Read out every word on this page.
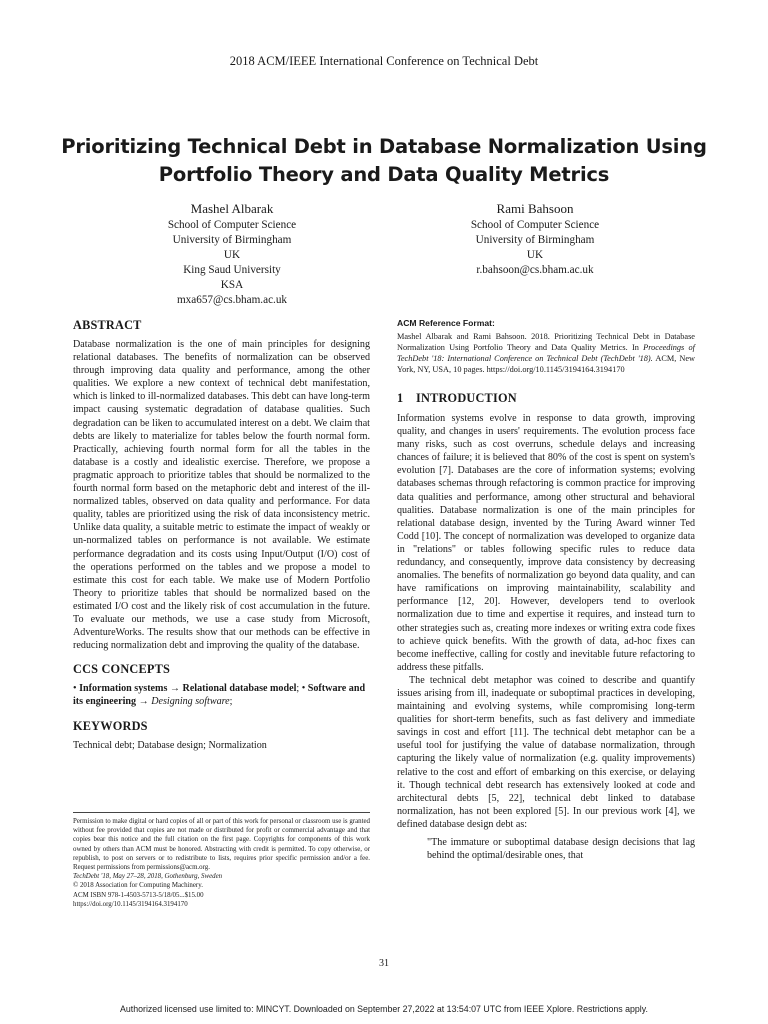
2018 ACM/IEEE International Conference on Technical Debt
Prioritizing Technical Debt in Database Normalization Using
Portfolio Theory and Data Quality Metrics
Mashel Albarak
School of Computer Science
University of Birmingham
UK
King Saud University
KSA
mxa657@cs.bham.ac.uk
Rami Bahsoon
School of Computer Science
University of Birmingham
UK
r.bahsoon@cs.bham.ac.uk
ABSTRACT

Database normalization is the one of main principles for designing relational databases. The benefits of normalization can be observed through improving data quality and performance, among the other qualities. We explore a new context of technical debt manifestation, which is linked to ill-normalized databases. This debt can have long-term impact causing systematic degradation of database qualities. Such degradation can be liken to accumulated interest on a debt. We claim that debts are likely to materialize for tables below the fourth normal form. Practically, achieving fourth normal form for all the tables in the database is a costly and idealistic exercise. Therefore, we propose a pragmatic approach to prioritize tables that should be normalized to the fourth normal form based on the metaphoric debt and interest of the ill-normalized tables, observed on data quality and performance. For data quality, tables are prioritized using the risk of data inconsistency metric. Unlike data quality, a suitable metric to estimate the impact of weakly or un-normalized tables on performance is not available. We estimate performance degradation and its costs using Input/Output (I/O) cost of the operations performed on the tables and we propose a model to estimate this cost for each table. We make use of Modern Portfolio Theory to prioritize tables that should be normalized based on the estimated I/O cost and the likely risk of cost accumulation in the future. To evaluate our methods, we use a case study from Microsoft, AdventureWorks. The results show that our methods can be effective in reducing normalization debt and improving the quality of the database.

CCS CONCEPTS

• Information systems → Relational database model; • Software and its engineering → Designing software;

KEYWORDS

Technical debt; Database design; Normalization

Permission to make digital or hard copies of all or part of this work for personal or classroom use is granted without fee provided that copies are not made or distributed for profit or commercial advantage and that copies bear this notice and the full citation on the first page. Copyrights for components of this work owned by others than ACM must be honored. Abstracting with credit is permitted. To copy otherwise, or republish, to post on servers or to redistribute to lists, requires prior specific permission and/or a fee. Request permissions from permissions@acm.org.

TechDebt '18, May 27–28, 2018, Gothenburg, Sweden

© 2018 Association for Computing Machinery.

ACM ISBN 978-1-4503-5713-5/18/05...$15.00

https://doi.org/10.1145/3194164.3194170

ACM Reference Format:

Mashel Albarak and Rami Bahsoon. 2018. Prioritizing Technical Debt in Database Normalization Using Portfolio Theory and Data Quality Metrics. In Proceedings of TechDebt '18: International Conference on Technical Debt (TechDebt '18). ACM, New York, NY, USA, 10 pages. https://doi.org/10.1145/3194164.3194170

1 INTRODUCTION

Information systems evolve in response to data growth, improving quality, and changes in users' requirements. The evolution process face many risks, such as cost overruns, schedule delays and increasing chances of failure; it is believed that 80% of the cost is spent on system's evolution [7]. Databases are the core of information systems; evolving databases schemas through refactoring is common practice for improving data qualities and performance, among other structural and behavioral qualities. Database normalization is one of the main principles for relational database design, invented by the Turing Award winner Ted Codd [10]. The concept of normalization was developed to organize data in "relations" or tables following specific rules to reduce data redundancy, and consequently, improve data consistency by decreasing anomalies. The benefits of normalization go beyond data quality, and can have ramifications on improving maintainability, scalability and performance [12, 20]. However, developers tend to overlook normalization due to time and expertise it requires, and instead turn to other strategies such as, creating more indexes or writing extra code fixes to achieve quick benefits. With the growth of data, ad-hoc fixes can become ineffective, calling for costly and inevitable future refactoring to address these pitfalls.

The technical debt metaphor was coined to describe and quantify issues arising from ill, inadequate or suboptimal practices in developing, maintaining and evolving systems, while compromising long-term qualities for short-term benefits, such as fast delivery and immediate savings in cost and effort [11]. The technical debt metaphor can be a useful tool for justifying the value of database normalization, through capturing the likely value of normalization (e.g. quality improvements) relative to the cost and effort of embarking on this exercise, or delaying it. Though technical debt research has extensively looked at code and architectural debts [5, 22], technical debt linked to database normalization, has not been explored [5]. In our previous work [4], we defined database design debt as:

"The immature or suboptimal database design decisions that lag behind the optimal/desirable ones, that

31
Authorized licensed use limited to: MINCYT. Downloaded on September 27,2022 at 13:54:07 UTC from IEEE Xplore. Restrictions apply.
